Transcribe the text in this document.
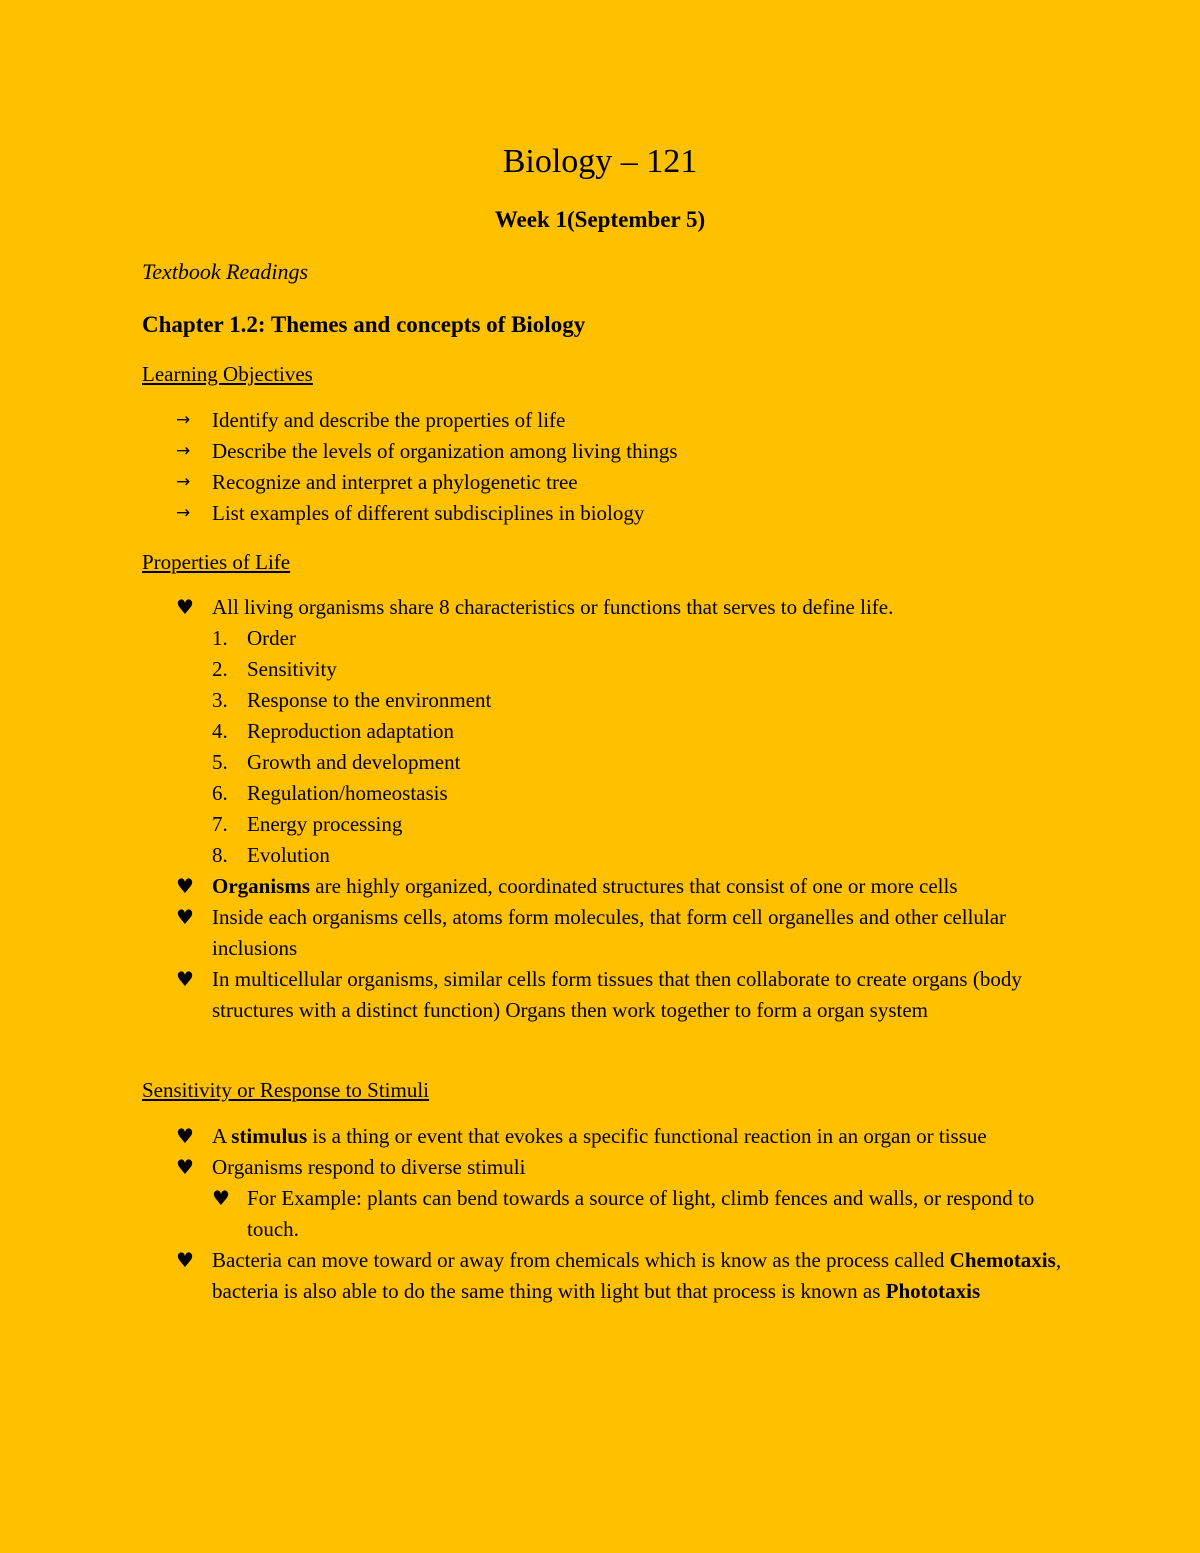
Biology – 121
Week 1(September 5)
Textbook Readings
Chapter 1.2: Themes and concepts of Biology
Learning Objectives
→ Identify and describe the properties of life
→ Describe the levels of organization among living things
→ Recognize and interpret a phylogenetic tree
→ List examples of different subdisciplines in biology
Properties of Life
♥ All living organisms share 8 characteristics or functions that serves to define life.
1. Order
2. Sensitivity
3. Response to the environment
4. Reproduction adaptation
5. Growth and development
6. Regulation/homeostasis
7. Energy processing
8. Evolution
♥ Organisms are highly organized, coordinated structures that consist of one or more cells
♥ Inside each organisms cells, atoms form molecules, that form cell organelles and other cellular inclusions
♥ In multicellular organisms, similar cells form tissues that then collaborate to create organs (body structures with a distinct function) Organs then work together to form a organ system
Sensitivity or Response to Stimuli
♥ A stimulus is a thing or event that evokes a specific functional reaction in an organ or tissue
♥ Organisms respond to diverse stimuli
♥ For Example: plants can bend towards a source of light, climb fences and walls, or respond to touch.
♥ Bacteria can move toward or away from chemicals which is know as the process called Chemotaxis, bacteria is also able to do the same thing with light but that process is known as Phototaxis
